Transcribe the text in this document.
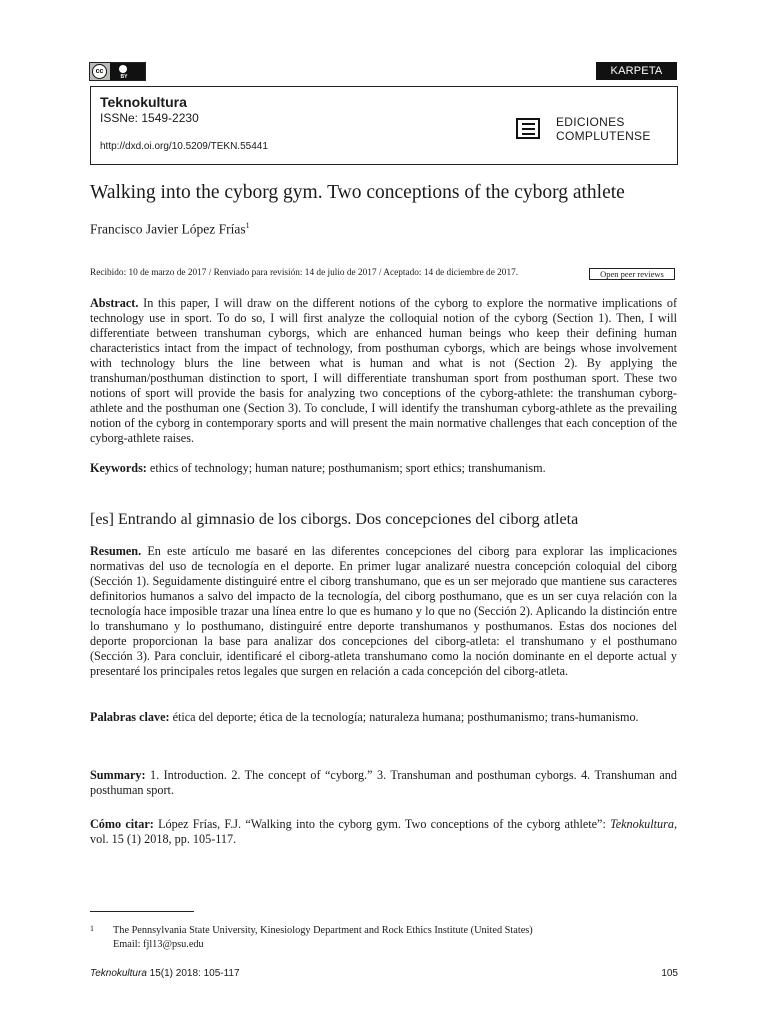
cc
BY	KARPETA
Teknokultura
ISSNe: 1549-2230
http://dxd.oi.org/10.5209/TEKN.55441
EDICIONES
COMPLUTENSE
Walking into the cyborg gym. Two conceptions of the cyborg athlete
Francisco Javier López Frías$^1$
Recibido: 10 de marzo de 2017 / Renviado para revisión: 14 de julio de 2017 / Aceptado: 14 de diciembre de 2017.	Open peer reviews

Abstract. In this paper, I will draw on the different notions of the cyborg to explore the normative implications of technology use in sport. To do so, I will first analyze the colloquial notion of the cyborg (Section 1). Then, I will differentiate between transhuman cyborgs, which are enhanced human beings who keep their defining human characteristics intact from the impact of technology, from posthuman cyborgs, which are beings whose involvement with technology blurs the line between what is human and what is not (Section 2). By applying the transhuman/posthuman distinction to sport, I will differentiate transhuman sport from posthuman sport. These two notions of sport will provide the basis for analyzing two conceptions of the cyborg-athlete: the transhuman cyborg-athlete and the posthuman one (Section 3). To conclude, I will identify the transhuman cyborg-athlete as the prevailing notion of the cyborg in contemporary sports and will present the main normative challenges that each conception of the cyborg-athlete raises.

Keywords: ethics of technology; human nature; posthumanism; sport ethics; transhumanism.

[es] Entrando al gimnasio de los ciborgs. Dos concepciones del ciborg atleta

Resumen. En este artículo me basaré en las diferentes concepciones del ciborg para explorar las implicaciones normativas del uso de tecnología en el deporte. En primer lugar analizaré nuestra concepción coloquial del ciborg (Sección 1). Seguidamente distinguiré entre el ciborg transhumano, que es un ser mejorado que mantiene sus caracteres definitorios humanos a salvo del impacto de la tecnología, del ciborg posthumano, que es un ser cuya relación con la tecnología hace imposible trazar una línea entre lo que es humano y lo que no (Sección 2). Aplicando la distinción entre lo transhumano y lo posthumano, distinguiré entre deporte transhumanos y posthumanos. Estas dos nociones del deporte proporcionan la base para analizar dos concepciones del ciborg-atleta: el transhumano y el posthumano (Sección 3). Para concluir, identificaré el ciborg-atleta transhumano como la noción dominante en el deporte actual y presentaré los principales retos legales que surgen en relación a cada concepción del ciborg-atleta.

Palabras clave: ética del deporte; ética de la tecnología; naturaleza humana; posthumanismo; trans-humanismo.

Summary: 1. Introduction. 2. The concept of “cyborg.” 3. Transhuman and posthuman cyborgs. 4. Transhuman and posthuman sport.

Cómo citar: López Frías, F.J. “Walking into the cyborg gym. Two conceptions of the cyborg athlete”: Teknokultura, vol. 15 (1) 2018, pp. 105-117.

1 The Pennsylvania State University, Kinesiology Department and Rock Ethics Institute (United States)
Email: fjl13@psu.edu
Teknokultura 15(1) 2018: 105-117	105
